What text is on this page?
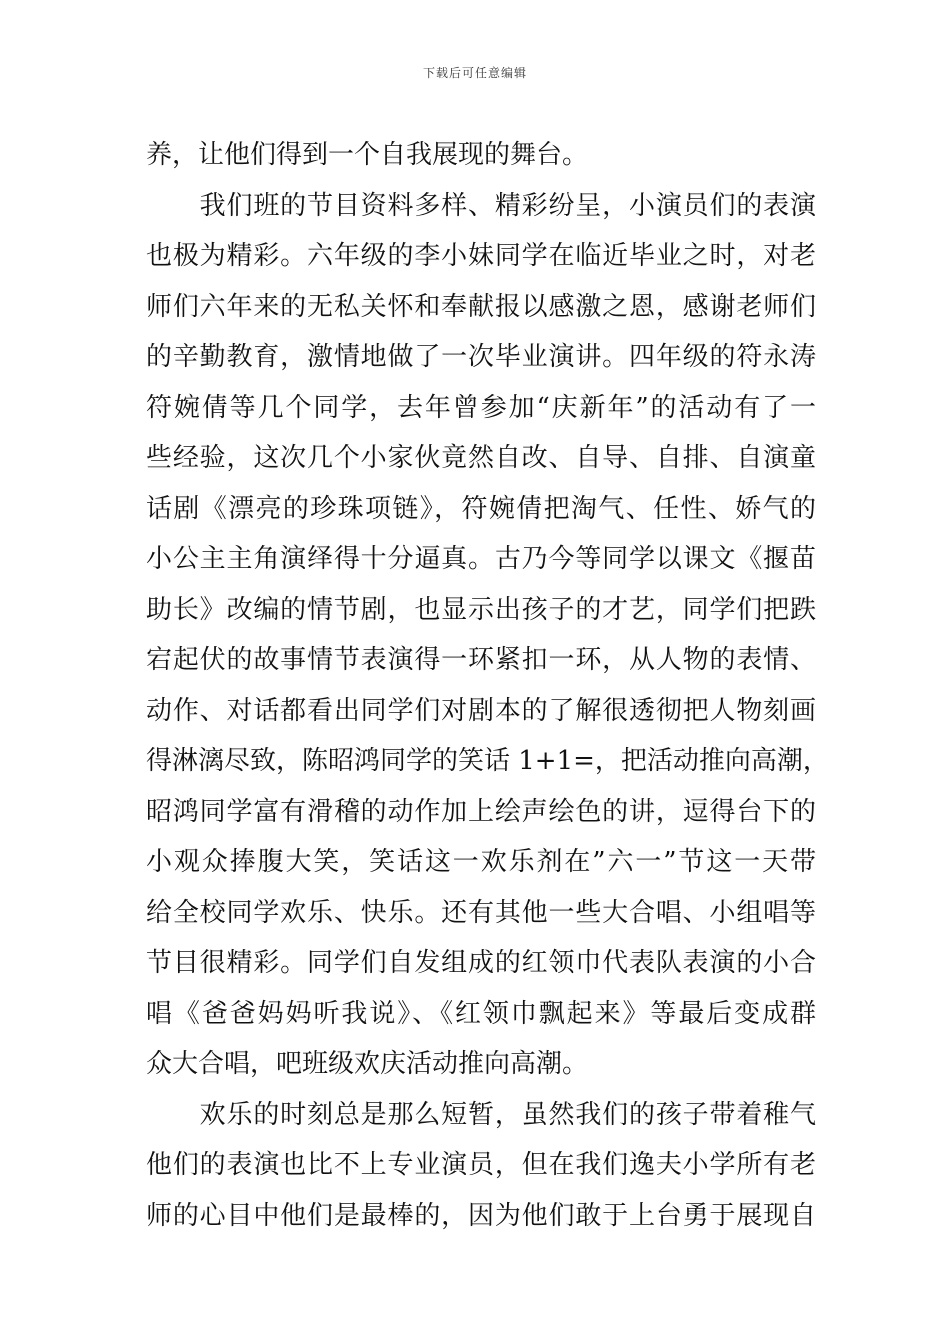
下载后可任意编辑
养，让他们得到一个自我展现的舞台。
　　我们班的节目资料多样、精彩纷呈，小演员们的表演
也极为精彩。六年级的李小妹同学在临近毕业之时，对老
师们六年来的无私关怀和奉献报以感激之恩，感谢老师们
的辛勤教育，激情地做了一次毕业演讲。四年级的符永涛
符婉倩等几个同学，去年曾参加“庆新年”的活动有了一
些经验，这次几个小家伙竟然自改、自导、自排、自演童
话剧《漂亮的珍珠项链》，符婉倩把淘气、任性、娇气的
小公主主角演绎得十分逼真。古乃今等同学以课文《揠苗
助长》改编的情节剧，也显示出孩子的才艺，同学们把跌
宕起伏的故事情节表演得一环紧扣一环，从人物的表情、
动作、对话都看出同学们对剧本的了解很透彻把人物刻画
得淋漓尽致，陈昭鸿同学的笑话 1+1=，把活动推向高潮，
昭鸿同学富有滑稽的动作加上绘声绘色的讲，逗得台下的
小观众捧腹大笑，笑话这一欢乐剂在”六一”节这一天带
给全校同学欢乐、快乐。还有其他一些大合唱、小组唱等
节目很精彩。同学们自发组成的红领巾代表队表演的小合
唱《爸爸妈妈听我说》、《红领巾飘起来》等最后变成群
众大合唱，吧班级欢庆活动推向高潮。
　　欢乐的时刻总是那么短暂，虽然我们的孩子带着稚气
他们的表演也比不上专业演员，但在我们逸夫小学所有老
师的心目中他们是最棒的，因为他们敢于上台勇于展现自
